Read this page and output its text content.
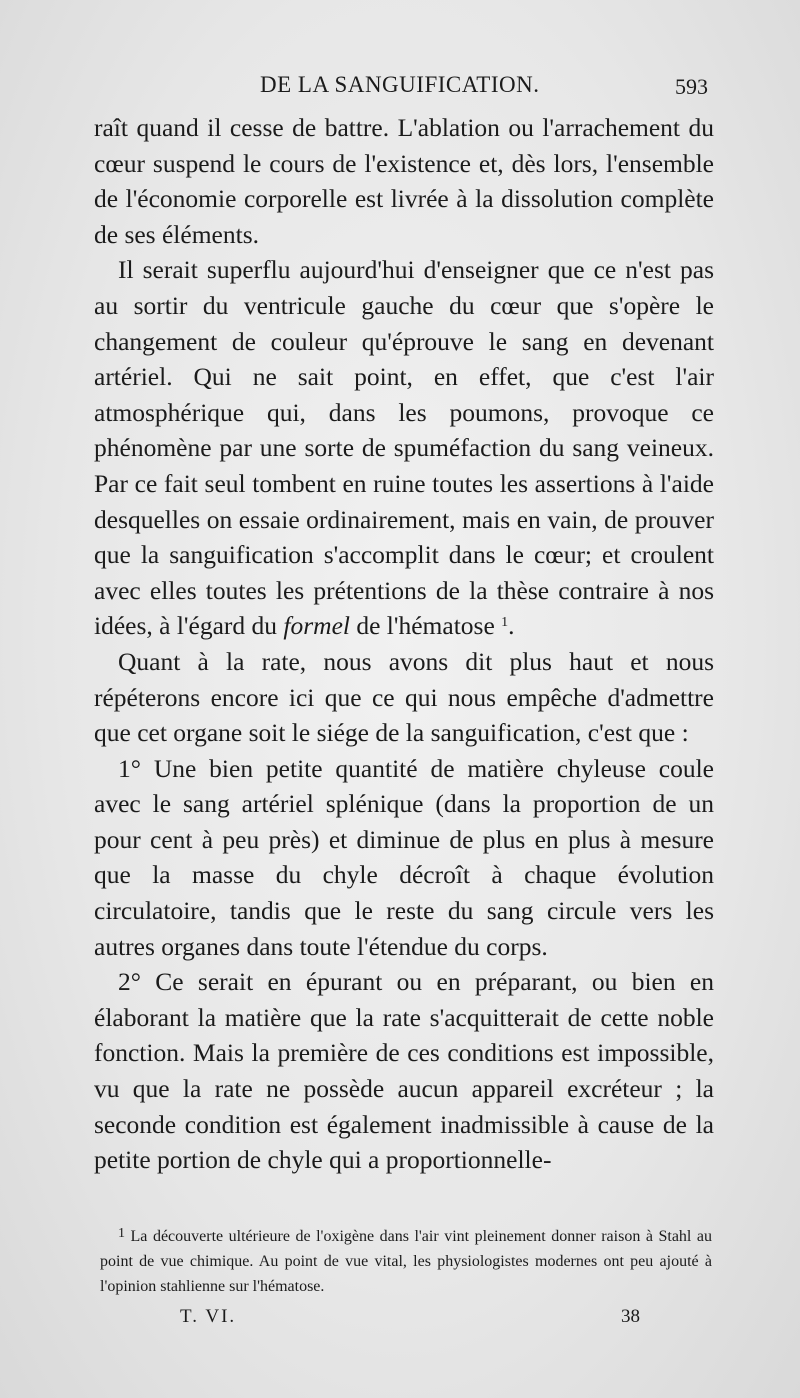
DE LA SANGUIFICATION.	593

raît quand il cesse de battre. L'ablation ou l'arrachement du cœur suspend le cours de l'existence et, dès lors, l'ensemble de l'économie corporelle est livrée à la dissolution complète de ses éléments.

Il serait superflu aujourd'hui d'enseigner que ce n'est pas au sortir du ventricule gauche du cœur que s'opère le changement de couleur qu'éprouve le sang en devenant artériel. Qui ne sait point, en effet, que c'est l'air atmosphérique qui, dans les poumons, provoque ce phénomène par une sorte de spuméfaction du sang veineux. Par ce fait seul tombent en ruine toutes les assertions à l'aide desquelles on essaie ordinairement, mais en vain, de prouver que la sanguification s'accomplit dans le cœur; et croulent avec elles toutes les prétentions de la thèse contraire à nos idées, à l'égard du formel de l'hématose $^1$.

Quant à la rate, nous avons dit plus haut et nous répéterons encore ici que ce qui nous empêche d'admettre que cet organe soit le siége de la sanguification, c'est que :

1° Une bien petite quantité de matière chyleuse coule avec le sang artériel splénique (dans la proportion de un pour cent à peu près) et diminue de plus en plus à mesure que la masse du chyle décroît à chaque évolution circulatoire, tandis que le reste du sang circule vers les autres organes dans toute l'étendue du corps.

2° Ce serait en épurant ou en préparant, ou bien en élaborant la matière que la rate s'acquitterait de cette noble fonction. Mais la première de ces conditions est impossible, vu que la rate ne possède aucun appareil excréteur ; la seconde condition est également inadmissible à cause de la petite portion de chyle qui a proportionnelle-

$^1$ La découverte ultérieure de l'oxigène dans l'air vint pleinement donner raison à Stahl au point de vue chimique. Au point de vue vital, les physiologistes modernes ont peu ajouté à l'opinion stahlienne sur l'hématose.

T. VI.	38
